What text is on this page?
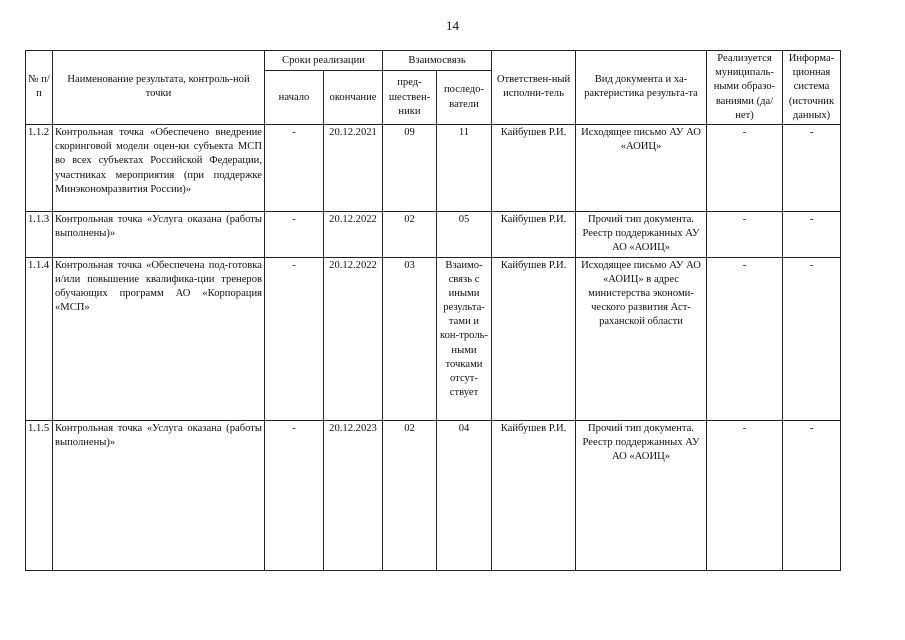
14
№ п/п	Наименование результата, контроль-ной точки	Сроки реализации		Взаимосвязь		Ответствен-ный исполни-тель	Вид документа и ха-рактеристика результа-та	Реализуется муниципаль-ными образо-ваниями (да/нет)	Информа-ционная система (источник данных)
		начало	окончание	пред-шествен-ники	последо-ватели				
1.1.2	Контрольная точка «Обеспечено внедрение скоринговой модели оцен-ки субъекта МСП во всех субъектах Российской Федерации, участниках мероприятия (при поддержке Минэкономразвития России)»	-	20.12.2021	09	11	Кайбушев Р.И.	Исходящее письмо АУ АО «АОИЦ»	-	-
1.1.3	Контрольная точка «Услуга оказана (работы выполнены)»	-	20.12.2022	02	05	Кайбушев Р.И.	Прочий тип документа. Реестр поддержанных АУ АО «АОИЦ»	-	-
1.1.4	Контрольная точка «Обеспечена под-готовка и/или повышение квалифика-ции тренеров обучающих программ АО «Корпорация «МСП»	-	20.12.2022	03	Взаимо-связь с иными результа-тами и кон-троль-ными точками отсут-ствует	Кайбушев Р.И.	Исходящее письмо АУ АО «АОИЦ» в адрес министерства экономи-ческого развития Аст-раханской области	-	-
1.1.5	Контрольная точка «Услуга оказана (работы выполнены)»	-	20.12.2023	02	04	Кайбушев Р.И.	Прочий тип документа. Реестр поддержанных АУ АО «АОИЦ»	-	-
